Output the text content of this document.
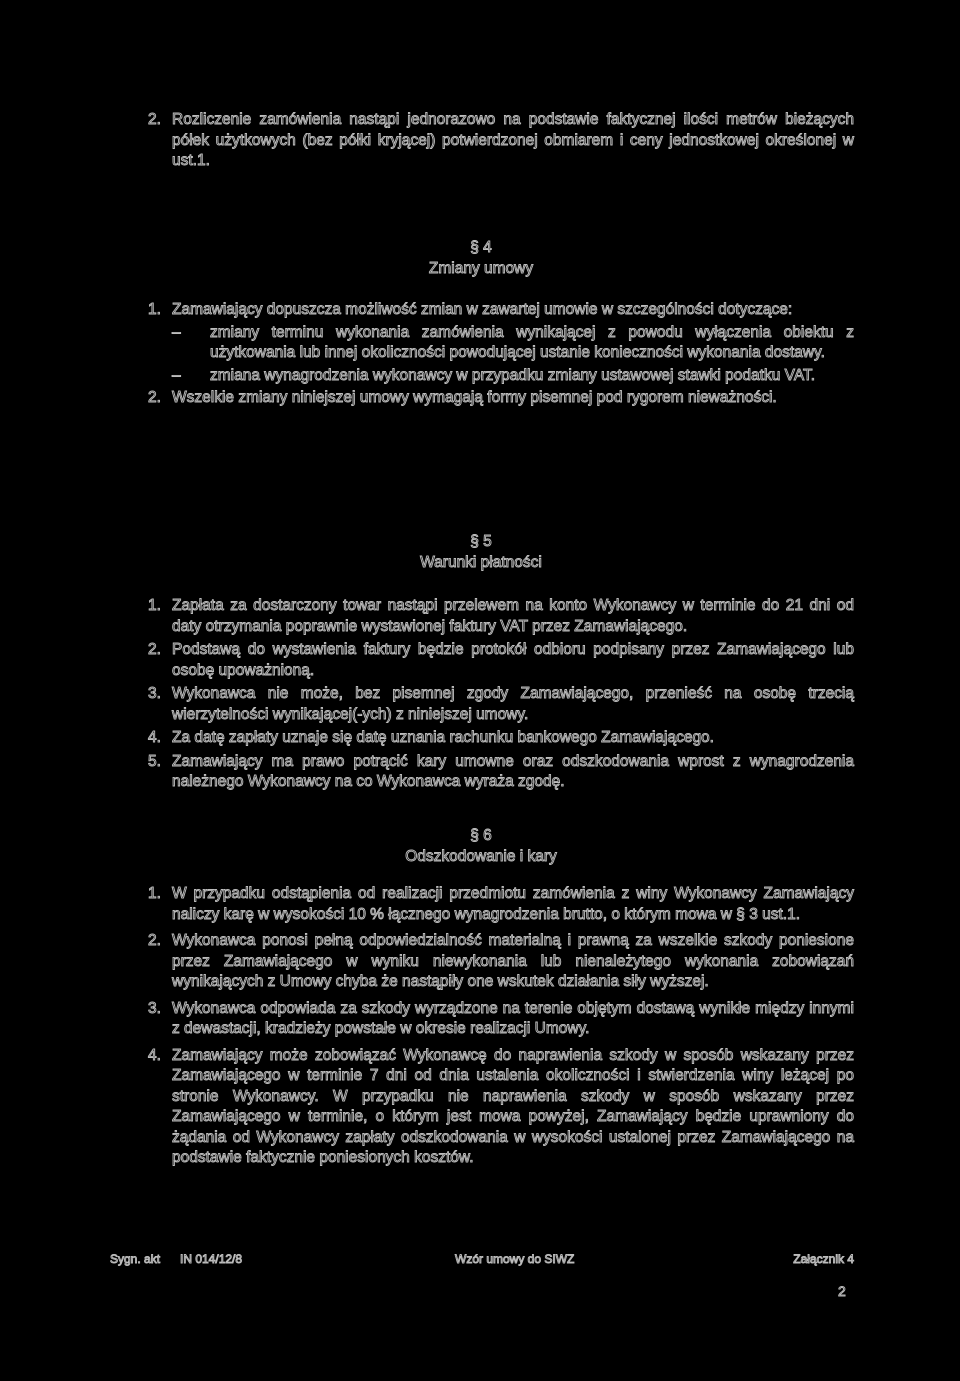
2. Rozliczenie zamówienia nastąpi jednorazowo na podstawie faktycznej ilości metrów bieżących półek użytkowych (bez półki kryjącej) potwierdzonej obmiarem i ceny jednostkowej określonej w ust.1.

§ 4
Zmiany umowy

1. Zamawiający dopuszcza możliwość zmian w zawartej umowie w szczególności dotyczące:

– zmiany terminu wykonania zamówienia wynikającej z powodu wyłączenia obiektu z użytkowania lub innej okoliczności powodującej ustanie konieczności wykonania dostawy.

– zmiana wynagrodzenia wykonawcy w przypadku zmiany ustawowej stawki podatku VAT.

2. Wszelkie zmiany niniejszej umowy wymagają formy pisemnej pod rygorem nieważności.

§ 5
Warunki płatności

1. Zapłata za dostarczony towar nastąpi przelewem na konto Wykonawcy w terminie do 21 dni od daty otrzymania poprawnie wystawionej faktury VAT przez Zamawiającego.

2. Podstawą do wystawienia faktury będzie protokół odbioru podpisany przez Zamawiającego lub osobę upoważnioną.

3. Wykonawca nie może, bez pisemnej zgody Zamawiającego, przenieść na osobę trzecią wierzytelności wynikającej(-ych) z niniejszej umowy.

4. Za datę zapłaty uznaje się datę uznania rachunku bankowego Zamawiającego.

5. Zamawiający ma prawo potrącić kary umowne oraz odszkodowania wprost z wynagrodzenia należnego Wykonawcy na co Wykonawca wyraża zgodę.

§ 6
Odszkodowanie i kary

1. W przypadku odstąpienia od realizacji przedmiotu zamówienia z winy Wykonawcy Zamawiający naliczy karę w wysokości 10 % łącznego wynagrodzenia brutto, o którym mowa w § 3 ust.1.

2. Wykonawca ponosi pełną odpowiedzialność materialną i prawną za wszelkie szkody poniesione przez Zamawiającego w wyniku niewykonania lub nienależytego wykonania zobowiązań wynikających z Umowy chyba że nastąpiły one wskutek działania siły wyższej.

3. Wykonawca odpowiada za szkody wyrządzone na terenie objętym dostawą wynikłe między innymi z dewastacji, kradzieży powstałe w okresie realizacji Umowy.

4. Zamawiający może zobowiązać Wykonawcę do naprawienia szkody w sposób wskazany przez Zamawiającego w terminie 7 dni od dnia ustalenia okoliczności i stwierdzenia winy leżącej po stronie Wykonawcy. W przypadku nie naprawienia szkody w sposób wskazany przez Zamawiającego w terminie, o którym jest mowa powyżej, Zamawiający będzie uprawniony do żądania od Wykonawcy zapłaty odszkodowania w wysokości ustalonej przez Zamawiającego na podstawie faktycznie poniesionych kosztów.

Sygn. akt IN 014/12/8	Wzór umowy do SIWZ	Załącznik 4
2
